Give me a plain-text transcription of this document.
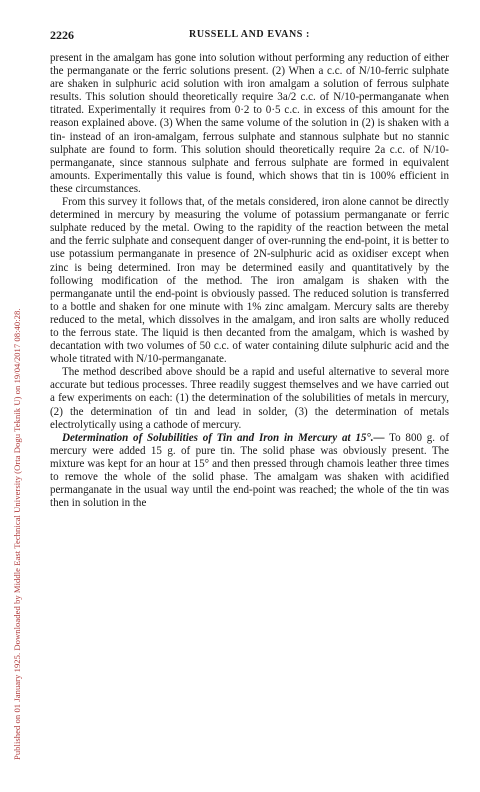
Published on 01 January 1925. Downloaded by Middle East Technical University (Orta Dogu Teknik U) on 19/04/2017 08:40:28.
2226	RUSSELL AND EVANS :

present in the amalgam has gone into solution without performing any reduction of either the permanganate or the ferric solutions present. (2) When a c.c. of N/10-ferric sulphate are shaken in sulphuric acid solution with iron amalgam a solution of ferrous sulphate results. This solution should theoretically require 3a/2 c.c. of N/10-permanganate when titrated. Experimentally it requires from 0·2 to 0·5 c.c. in excess of this amount for the reason explained above. (3) When the same volume of the solution in (2) is shaken with a tin- instead of an iron-amalgam, ferrous sulphate and stannous sulphate but no stannic sulphate are found to form. This solution should theoretically require 2a c.c. of N/10-permanganate, since stannous sulphate and ferrous sulphate are formed in equivalent amounts. Experimentally this value is found, which shows that tin is 100% efficient in these circumstances.

From this survey it follows that, of the metals considered, iron alone cannot be directly determined in mercury by measuring the volume of potassium permanganate or ferric sulphate reduced by the metal. Owing to the rapidity of the reaction between the metal and the ferric sulphate and consequent danger of over-running the end-point, it is better to use potassium permanganate in presence of 2N-sulphuric acid as oxidiser except when zinc is being determined. Iron may be determined easily and quantitatively by the following modification of the method. The iron amalgam is shaken with the permanganate until the end-point is obviously passed. The reduced solution is transferred to a bottle and shaken for one minute with 1% zinc amalgam. Mercury salts are thereby reduced to the metal, which dissolves in the amalgam, and iron salts are wholly reduced to the ferrous state. The liquid is then decanted from the amalgam, which is washed by decantation with two volumes of 50 c.c. of water containing dilute sulphuric acid and the whole titrated with N/10-permanganate.

The method described above should be a rapid and useful alternative to several more accurate but tedious processes. Three readily suggest themselves and we have carried out a few experiments on each: (1) the determination of the solubilities of metals in mercury, (2) the determination of tin and lead in solder, (3) the determination of metals electrolytically using a cathode of mercury.

Determination of Solubilities of Tin and Iron in Mercury at 15°.— To 800 g. of mercury were added 15 g. of pure tin. The solid phase was obviously present. The mixture was kept for an hour at 15° and then pressed through chamois leather three times to remove the whole of the solid phase. The amalgam was shaken with acidified permanganate in the usual way until the end-point was reached; the whole of the tin was then in solution in the
